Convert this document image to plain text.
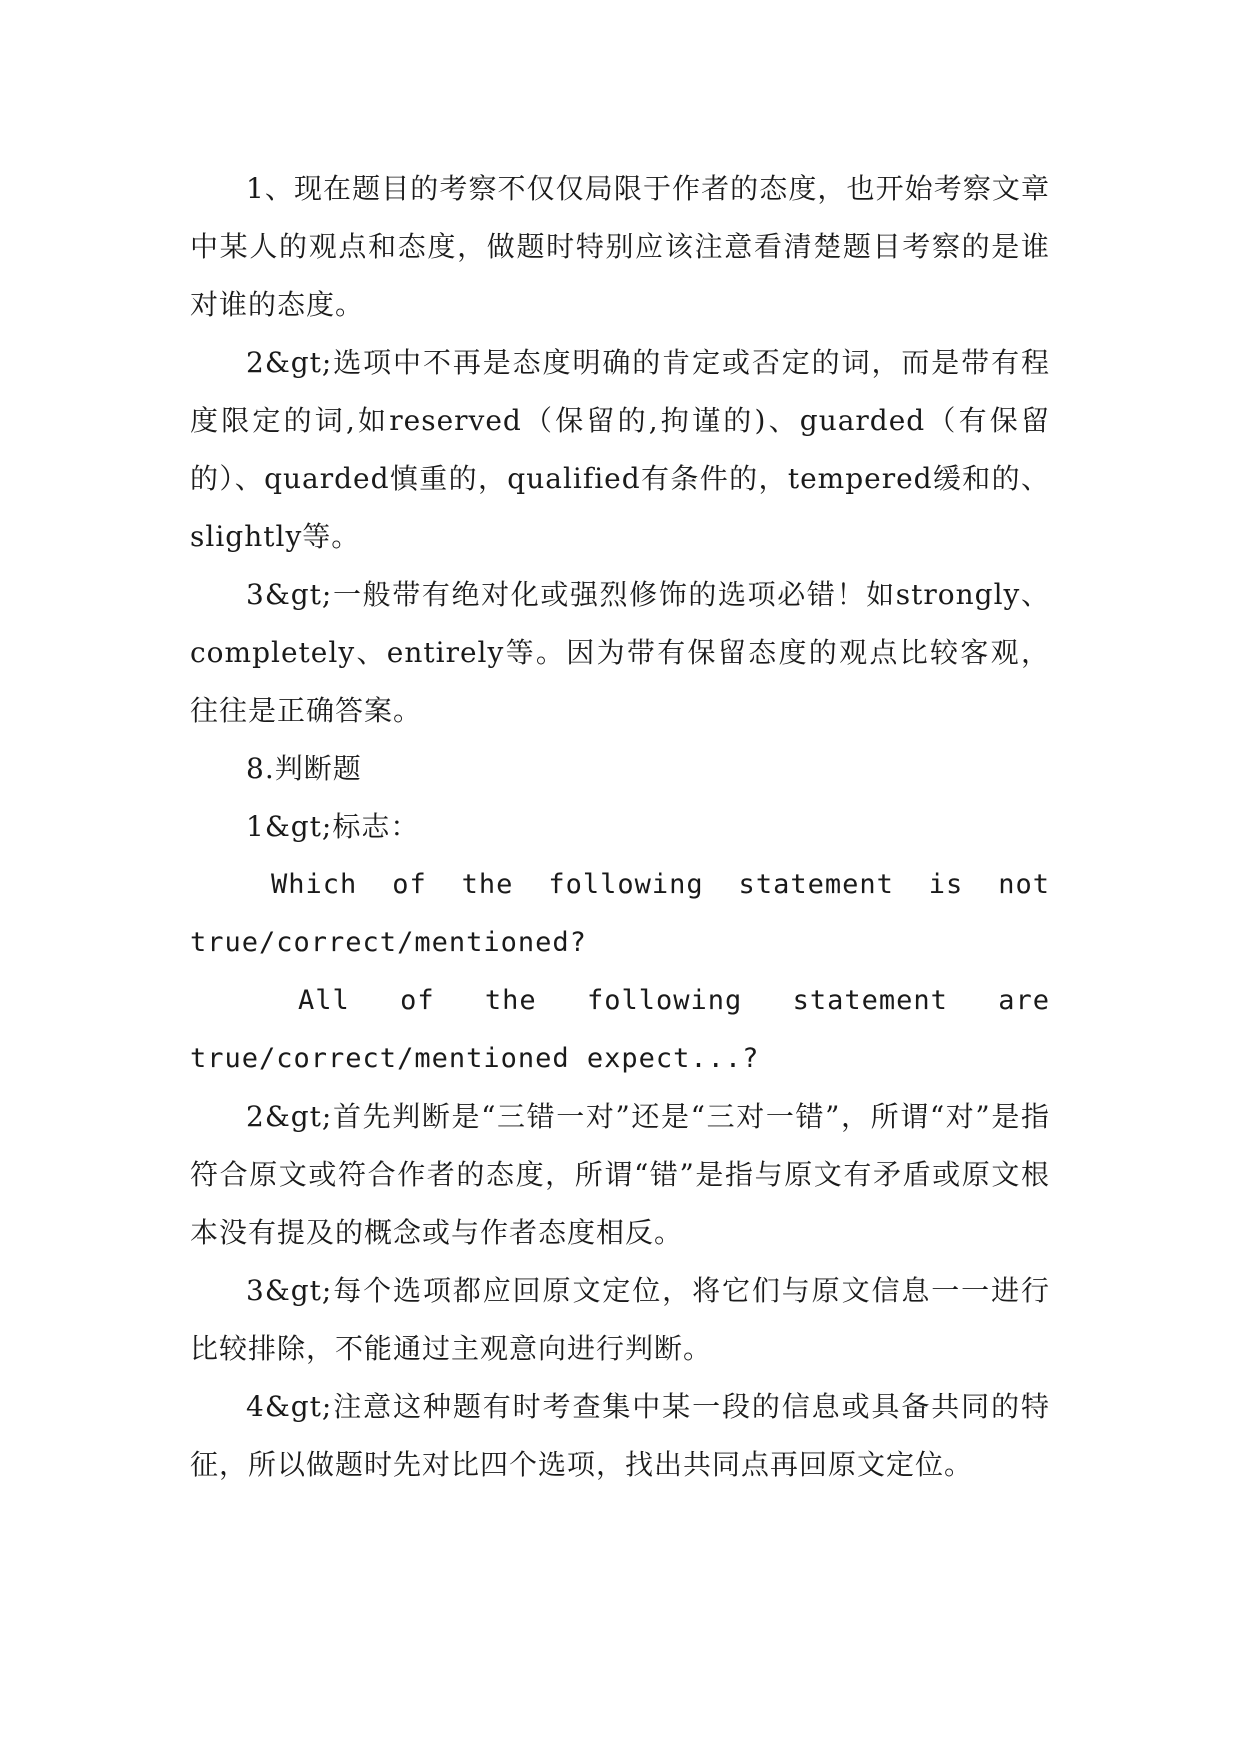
1、现在题目的考察不仅仅局限于作者的态度，也开始考察文章中某人的观点和态度，做题时特别应该注意看清楚题目考察的是谁对谁的态度。

2&gt;选项中不再是态度明确的肯定或否定的词，而是带有程度限定的词,如reserved（保留的,拘谨的)、guarded（有保留的）、quarded慎重的，qualified有条件的，tempered缓和的、slightly等。

3&gt;一般带有绝对化或强烈修饰的选项必错！如strongly、completely、entirely等。因为带有保留态度的观点比较客观，往往是正确答案。

8.判断题

1&gt;标志：

Which of the following statement is not true/correct/mentioned?

All of the following statement are true/correct/mentioned expect...?

2&gt;首先判断是“三错一对”还是“三对一错”，所谓“对”是指符合原文或符合作者的态度，所谓“错”是指与原文有矛盾或原文根本没有提及的概念或与作者态度相反。

3&gt;每个选项都应回原文定位，将它们与原文信息一一进行比较排除，不能通过主观意向进行判断。

4&gt;注意这种题有时考查集中某一段的信息或具备共同的特征，所以做题时先对比四个选项，找出共同点再回原文定位。
